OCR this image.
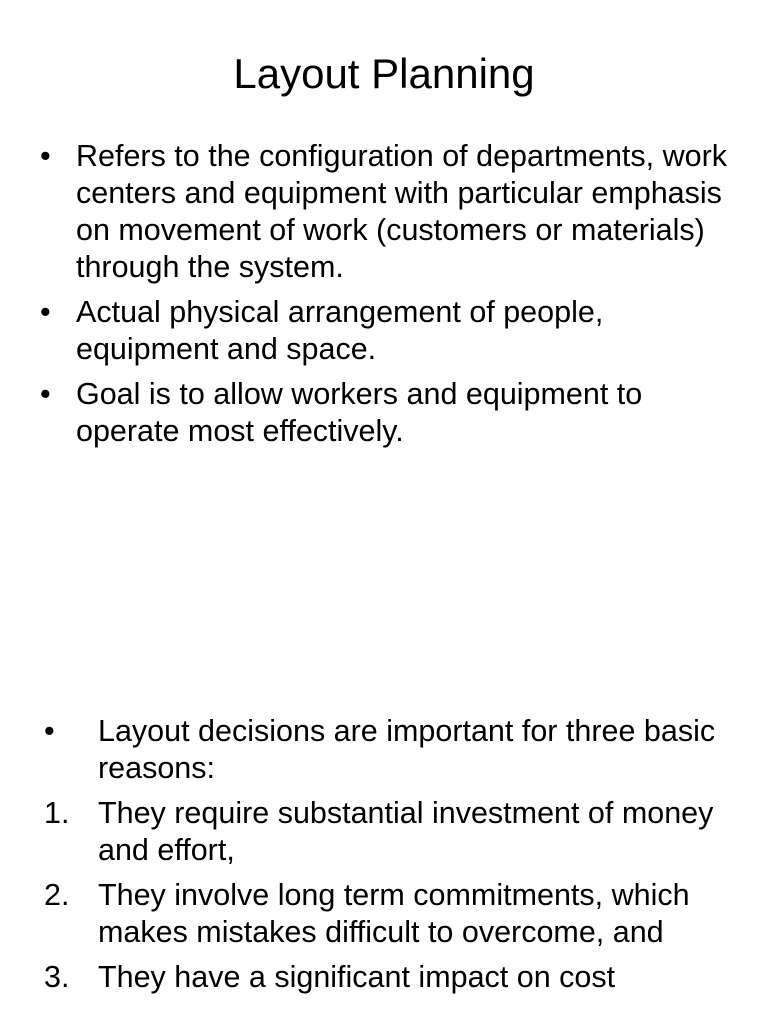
Layout Planning
• Refers to the configuration of departments, work centers and equipment with particular emphasis on movement of work (customers or materials) through the system.
• Actual physical arrangement of people, equipment and space.
• Goal is to allow workers and equipment to operate most effectively.
•	Layout decisions are important for three basic reasons:
1. They require substantial investment of money and effort,
2. They involve long term commitments, which makes mistakes difficult to overcome, and
3. They have a significant impact on cost
